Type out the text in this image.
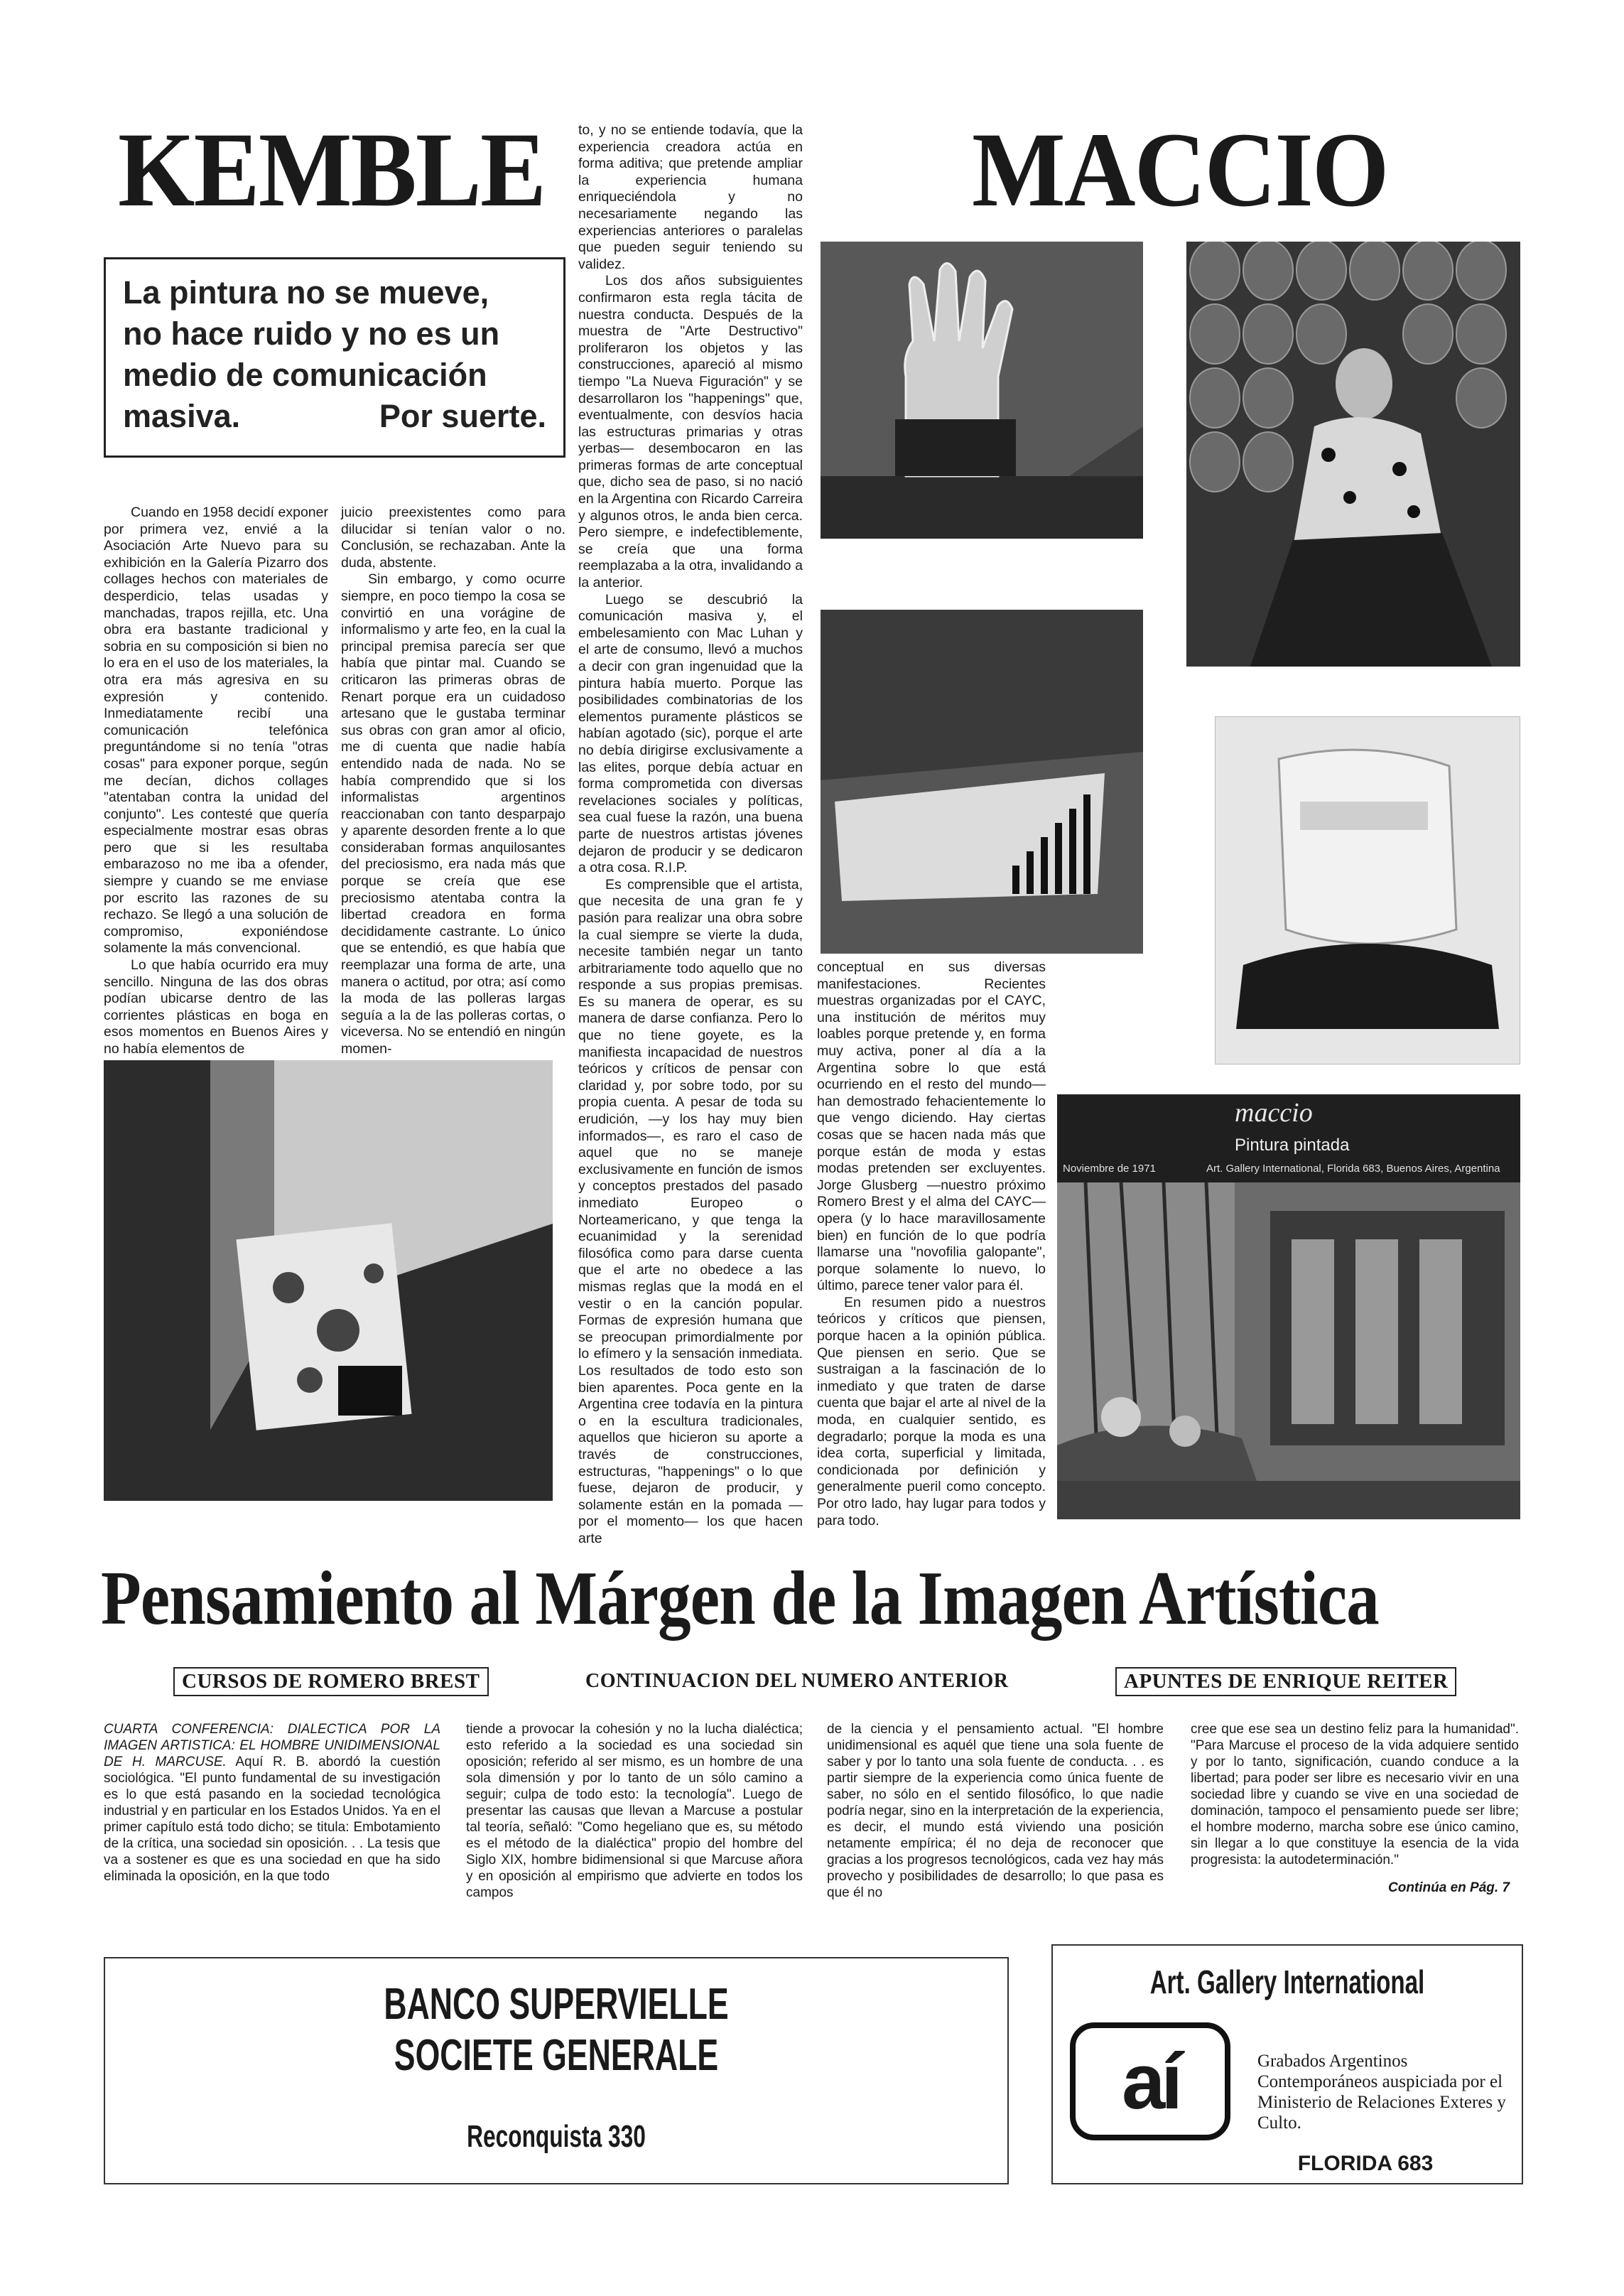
KEMBLE	MACCIO
La pintura no se mueve,
no hace ruido y no es un
medio de comunicación
masiva.	Por suerte.

Cuando en 1958 decidí exponer por primera vez, envié a la Asociación Arte Nuevo para su exhibición en la Galería Pizarro dos collages hechos con materiales de desperdicio, telas usadas y manchadas, trapos rejilla, etc. Una obra era bastante tradicional y sobria en su composición si bien no lo era en el uso de los materiales, la otra era más agresiva en su expresión y contenido. Inmediatamente recibí una comunicación telefónica preguntándome si no tenía "otras cosas" para exponer porque, según me decían, dichos collages "atentaban contra la unidad del conjunto". Les contesté que quería especialmente mostrar esas obras pero que si les resultaba embarazoso no me iba a ofender, siempre y cuando se me enviase por escrito las razones de su rechazo. Se llegó a una solución de compromiso, exponiéndose solamente la más convencional.

Lo que había ocurrido era muy sencillo. Ninguna de las dos obras podían ubicarse dentro de las corrientes plásticas en boga en esos momentos en Buenos Aires y no había elementos de

juicio preexistentes como para dilucidar si tenían valor o no. Conclusión, se rechazaban. Ante la duda, abstente.

Sin embargo, y como ocurre siempre, en poco tiempo la cosa se convirtió en una vorágine de informalismo y arte feo, en la cual la principal premisa parecía ser que había que pintar mal. Cuando se criticaron las primeras obras de Renart porque era un cuidadoso artesano que le gustaba terminar sus obras con gran amor al oficio, me di cuenta que nadie había entendido nada de nada. No se había comprendido que si los informalistas argentinos reaccionaban con tanto desparpajo y aparente desorden frente a lo que consideraban formas anquilosantes del preciosismo, era nada más que porque se creía que ese preciosismo atentaba contra la libertad creadora en forma decididamente castrante. Lo único que se entendió, es que había que reemplazar una forma de arte, una manera o actitud, por otra; así como la moda de las polleras largas seguía a la de las polleras cortas, o viceversa. No se entendió en ningún momen-

to, y no se entiende todavía, que la experiencia creadora actúa en forma aditiva; que pretende ampliar la experiencia humana enriqueciéndola y no necesariamente negando las experiencias anteriores o paralelas que pueden seguir teniendo su validez.

Los dos años subsiguientes confirmaron esta regla tácita de nuestra conducta. Después de la muestra de "Arte Destructivo" proliferaron los objetos y las construcciones, apareció al mismo tiempo "La Nueva Figuración" y se desarrollaron los "happenings" que, eventualmente, con desvíos hacia las estructuras primarias y otras yerbas— desembocaron en las primeras formas de arte conceptual que, dicho sea de paso, si no nació en la Argentina con Ricardo Carreira y algunos otros, le anda bien cerca. Pero siempre, e indefectiblemente, se creía que una forma reemplazaba a la otra, invalidando a la anterior.

Luego se descubrió la comunicación masiva y, el embelesamiento con Mac Luhan y el arte de consumo, llevó a muchos a decir con gran ingenuidad que la pintura había muerto. Porque las posibilidades combinatorias de los elementos puramente plásticos se habían agotado (sic), porque el arte no debía dirigirse exclusivamente a las elites, porque debía actuar en forma comprometida con diversas revelaciones sociales y políticas, sea cual fuese la razón, una buena parte de nuestros artistas jóvenes dejaron de producir y se dedicaron a otra cosa. R.I.P.

Es comprensible que el artista, que necesita de una gran fe y pasión para realizar una obra sobre la cual siempre se vierte la duda, necesite también negar un tanto arbitrariamente todo aquello que no responde a sus propias premisas. Es su manera de operar, es su manera de darse confianza. Pero lo que no tiene goyete, es la manifiesta incapacidad de nuestros teóricos y críticos de pensar con claridad y, por sobre todo, por su propia cuenta. A pesar de toda su erudición, —y los hay muy bien informados—, es raro el caso de aquel que no se maneje exclusivamente en función de ismos y conceptos prestados del pasado inmediato Europeo o Norteamericano, y que tenga la ecuanimidad y la serenidad filosófica como para darse cuenta que el arte no obedece a las mismas reglas que la modá en el vestir o en la canción popular. Formas de expresión humana que se preocupan primordialmente por lo efímero y la sensación inmediata. Los resultados de todo esto son bien aparentes. Poca gente en la Argentina cree todavía en la pintura o en la escultura tradicionales, aquellos que hicieron su aporte a través de construcciones, estructuras, "happenings" o lo que fuese, dejaron de producir, y solamente están en la pomada —por el momento— los que hacen arte

conceptual en sus diversas manifestaciones. Recientes muestras organizadas por el CAYC, una institución de méritos muy loables porque pretende y, en forma muy activa, poner al día a la Argentina sobre lo que está ocurriendo en el resto del mundo— han demostrado fehacientemente lo que vengo diciendo. Hay ciertas cosas que se hacen nada más que porque están de moda y estas modas pretenden ser excluyentes. Jorge Glusberg —nuestro próximo Romero Brest y el alma del CAYC— opera (y lo hace maravillosamente bien) en función de lo que podría llamarse una "novofilia galopante", porque solamente lo nuevo, lo último, parece tener valor para él.

En resumen pido a nuestros teóricos y críticos que piensen, porque hacen a la opinión pública. Que piensen en serio. Que se sustraigan a la fascinación de lo inmediato y que traten de darse cuenta que bajar el arte al nivel de la moda, en cualquier sentido, es degradarlo; porque la moda es una idea corta, superficial y limitada, condicionada por definición y generalmente pueril como concepto. Por otro lado, hay lugar para todos y para todo.

maccio
Pintura pintada
Noviembre de 1971	Art. Gallery International, Florida 683, Buenos Aires, Argentina
Pensamiento al Márgen de la Imagen Artística
CURSOS DE ROMERO BREST	CONTINUACION DEL NUMERO ANTERIOR	APUNTES DE ENRIQUE REITER
CUARTA CONFERENCIA: DIALECTICA POR LA IMAGEN ARTISTICA: EL HOMBRE UNIDIMENSIONAL DE H. MARCUSE. Aquí R. B. abordó la cuestión sociológica. "El punto fundamental de su investigación es lo que está pasando en la sociedad tecnológica industrial y en particular en los Estados Unidos. Ya en el primer capítulo está todo dicho; se titula: Embotamiento de la crítica, una sociedad sin oposición. . . La tesis que va a sostener es que es una sociedad en que ha sido eliminada la oposición, en la que todo
tiende a provocar la cohesión y no la lucha dialéctica; esto referido a la sociedad es una sociedad sin oposición; referido al ser mismo, es un hombre de una sola dimensión y por lo tanto de un sólo camino a seguir; culpa de todo esto: la tecnología". Luego de presentar las causas que llevan a Marcuse a postular tal teoría, señaló: "Como hegeliano que es, su método es el método de la dialéctica" propio del hombre del Siglo XIX, hombre bidimensional si que Marcuse añora y en oposición al empirismo que advierte en todos los campos
de la ciencia y el pensamiento actual. "El hombre unidimensional es aquél que tiene una sola fuente de saber y por lo tanto una sola fuente de conducta. . . es partir siempre de la experiencia como única fuente de saber, no sólo en el sentido filosófico, lo que nadie podría negar, sino en la interpretación de la experiencia, es decir, el mundo está viviendo una posición netamente empírica; él no deja de reconocer que gracias a los progresos tecnológicos, cada vez hay más provecho y posibilidades de desarrollo; lo que pasa es que él no
cree que ese sea un destino feliz para la humanidad". "Para Marcuse el proceso de la vida adquiere sentido y por lo tanto, significación, cuando conduce a la libertad; para poder ser libre es necesario vivir en una sociedad libre y cuando se vive en una sociedad de dominación, tampoco el pensamiento puede ser libre; el hombre moderno, marcha sobre ese único camino, sin llegar a lo que constituye la esencia de la vida progresista: la autodeterminación."
Continúa en Pág. 7
BANCO SUPERVIELLE
SOCIETE GENERALE
Reconquista 330
Art. Gallery International
aí	Grabados Argentinos Contemporáneos auspiciada por el Ministerio de Relaciones Exteres y Culto.
FLORIDA 683
